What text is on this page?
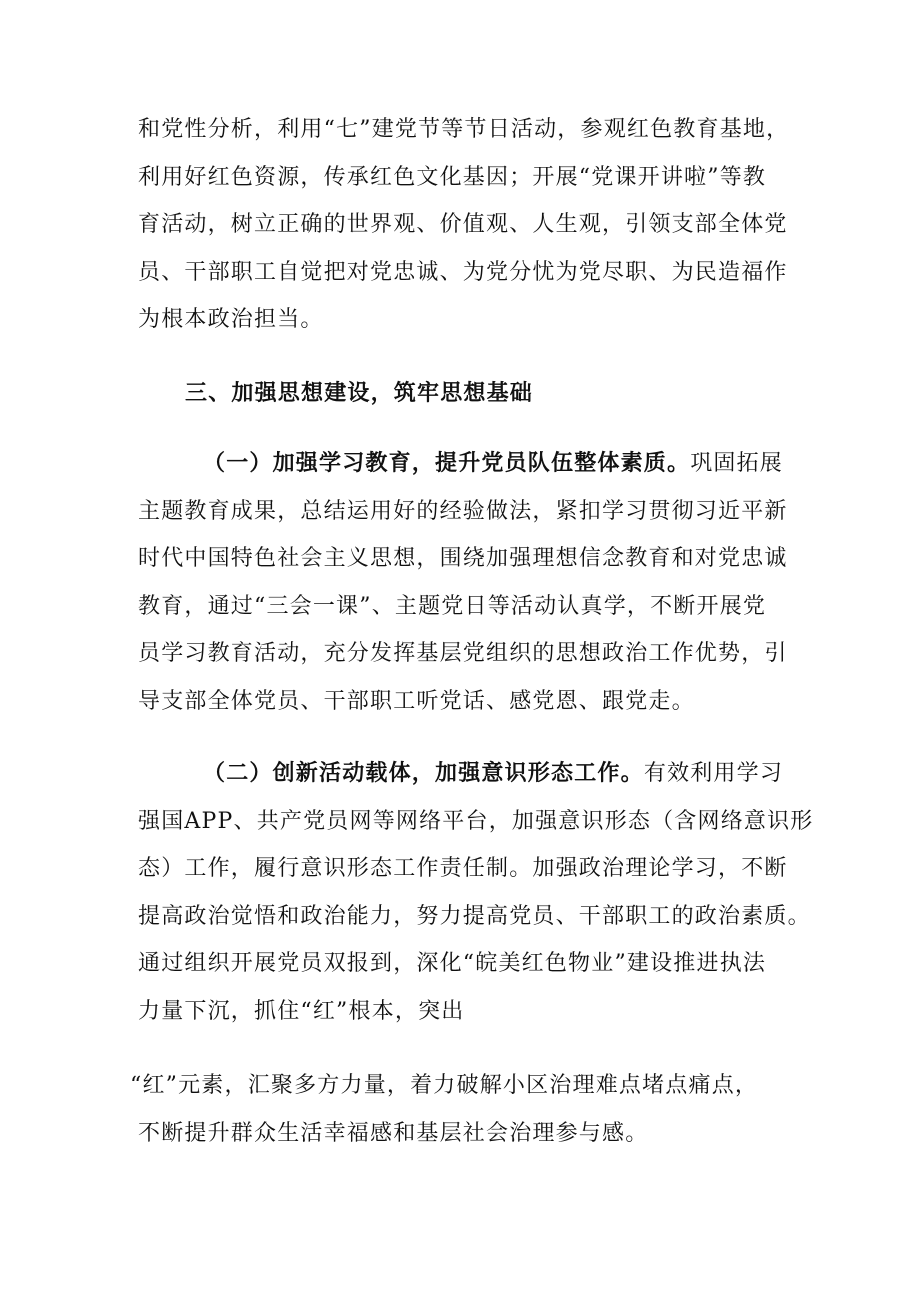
和党性分析，利用“七”建党节等节日活动，参观红色教育基地，
利用好红色资源，传承红色文化基因；开展“党课开讲啦”等教
育活动，树立正确的世界观、价值观、人生观，引领支部全体党
员、干部职工自觉把对党忠诚、为党分忧为党尽职、为民造福作
为根本政治担当。
三、加强思想建设，筑牢思想基础
（一）加强学习教育，提升党员队伍整体素质。巩固拓展
主题教育成果，总结运用好的经验做法，紧扣学习贯彻习近平新
时代中国特色社会主义思想，围绕加强理想信念教育和对党忠诚
教育，通过“三会一课”、主题党日等活动认真学，不断开展党
员学习教育活动，充分发挥基层党组织的思想政治工作优势，引
导支部全体党员、干部职工听党话、感党恩、跟党走。
（二）创新活动载体，加强意识形态工作。有效利用学习
强国APP、共产党员网等网络平台，加强意识形态（含网络意识形
态）工作，履行意识形态工作责任制。加强政治理论学习，不断
提高政治觉悟和政治能力，努力提高党员、干部职工的政治素质。
通过组织开展党员双报到，深化“皖美红色物业”建设推进执法
力量下沉，抓住“红”根本，突出
“红”元素，汇聚多方力量，着力破解小区治理难点堵点痛点，
不断提升群众生活幸福感和基层社会治理参与感。
